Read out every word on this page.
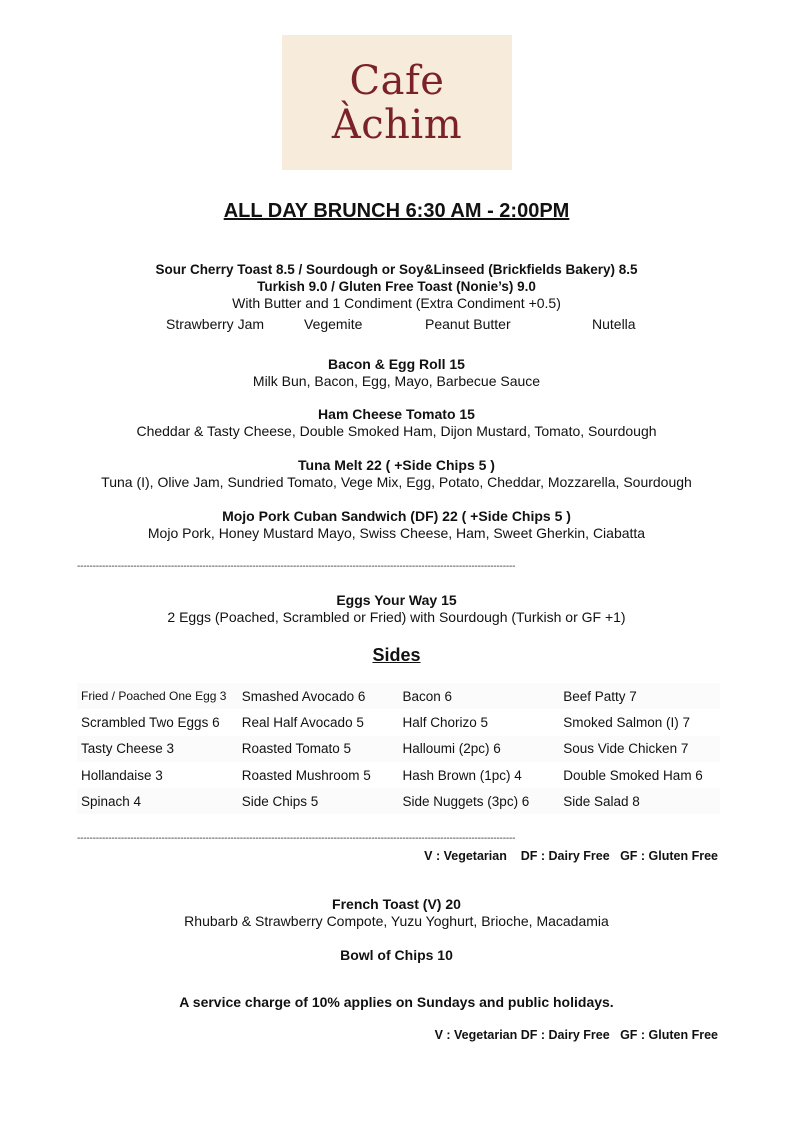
Cafe
Àchim
ALL DAY BRUNCH 6:30 AM - 2:00PM
Sour Cherry Toast 8.5 / Sourdough or Soy&Linseed (Brickfields Bakery) 8.5
Turkish 9.0 / Gluten Free Toast (Nonie’s) 9.0
With Butter and 1 Condiment (Extra Condiment +0.5)
Strawberry Jam	Vegemite	Peanut Butter	Nutella
Bacon & Egg Roll 15
Milk Bun, Bacon, Egg, Mayo, Barbecue Sauce
Ham Cheese Tomato 15
Cheddar & Tasty Cheese, Double Smoked Ham, Dijon Mustard, Tomato, Sourdough
Tuna Melt 22 ( +Side Chips 5 )
Tuna (I), Olive Jam, Sundried Tomato, Vege Mix, Egg, Potato, Cheddar, Mozzarella, Sourdough
Mojo Pork Cuban Sandwich (DF) 22 ( +Side Chips 5 )
Mojo Pork, Honey Mustard Mayo, Swiss Cheese, Ham, Sweet Gherkin, Ciabatta
--------------------------------------------------------------------------------------------------------------------------------------------
Eggs Your Way 15
2 Eggs (Poached, Scrambled or Fried) with Sourdough (Turkish or GF +1)
Sides
Fried / Poached One Egg 3	Smashed Avocado 6	Bacon 6	Beef Patty 7
Scrambled Two Eggs 6	Real Half Avocado 5	Half Chorizo 5	Smoked Salmon (I) 7
Tasty Cheese 3	Roasted Tomato 5	Halloumi (2pc) 6	Sous Vide Chicken 7
Hollandaise 3	Roasted Mushroom 5	Hash Brown (1pc) 4	Double Smoked Ham 6
Spinach 4	Side Chips 5	Side Nuggets (3pc) 6	Side Salad 8
--------------------------------------------------------------------------------------------------------------------------------------------
V : Vegetarian    DF : Dairy Free   GF : Gluten Free
French Toast (V) 20
Rhubarb & Strawberry Compote, Yuzu Yoghurt, Brioche, Macadamia
Bowl of Chips 10
A service charge of 10% applies on Sundays and public holidays.
V : Vegetarian DF : Dairy Free   GF : Gluten Free
